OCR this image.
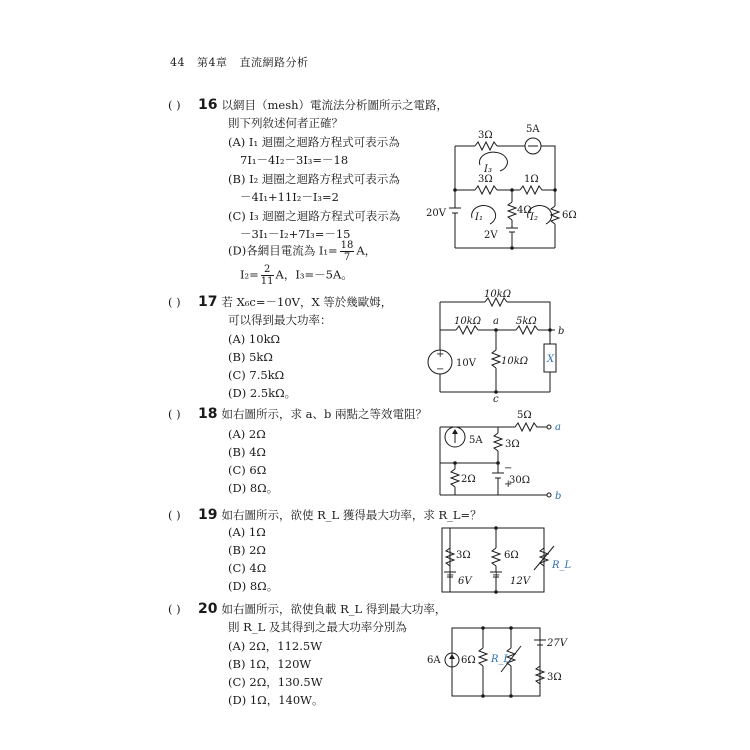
44 第4章 直流網路分析
( ) 16 以網目（mesh）電流法分析圖所示之電路，
則下列敘述何者正確？
(A) I₁ 迴圈之迴路方程式可表示為
7I₁－4I₂－3I₃=－18
(B) I₂ 迴圈之迴路方程式可表示為
－4I₁+11I₂－I₃=2
(C) I₃ 迴圈之迴路方程式可表示為
－3I₁－I₂+7I₃=－15
(D)各網目電流為 $I_1= \frac{18}{7}$ A，
$I_2= \frac{2}{11}$ A，I₃=－5A。
3Ω
5A
3Ω	1Ω
4Ω	6Ω
20V
2V
I₃
I₁	I₂
( ) 17 若 X₆c=－10V，X 等於幾歐姆，
可以得到最大功率：
(A) 10kΩ
(B) 5kΩ
(C) 7.5kΩ
(D) 2.5kΩ。
+
−
10kΩ
10kΩ	5kΩ
10kΩ
10V
a
b
c
X
( ) 18 如右圖所示，求 a、b 兩點之等效電阻？
(A) 2Ω
(B) 4Ω
(C) 6Ω
(D) 8Ω。
5Ω
5A 3Ω
2Ω	30Ω
−
+
a
b
( ) 19 如右圖所示，欲使 R_L 獲得最大功率，求 R_L=？
(A) 1Ω
(B) 2Ω
(C) 4Ω
(D) 8Ω。
3Ω	6Ω
+
6V
+
12V
R_L
( ) 20 如右圖所示，欲使負載 R_L 得到最大功率，
則 R_L 及其得到之最大功率分別為
(A) 2Ω，112.5W
(B) 1Ω，120W
(C) 2Ω，130.5W
(D) 1Ω，140W。
6A 6Ω R_L
27V
3Ω
